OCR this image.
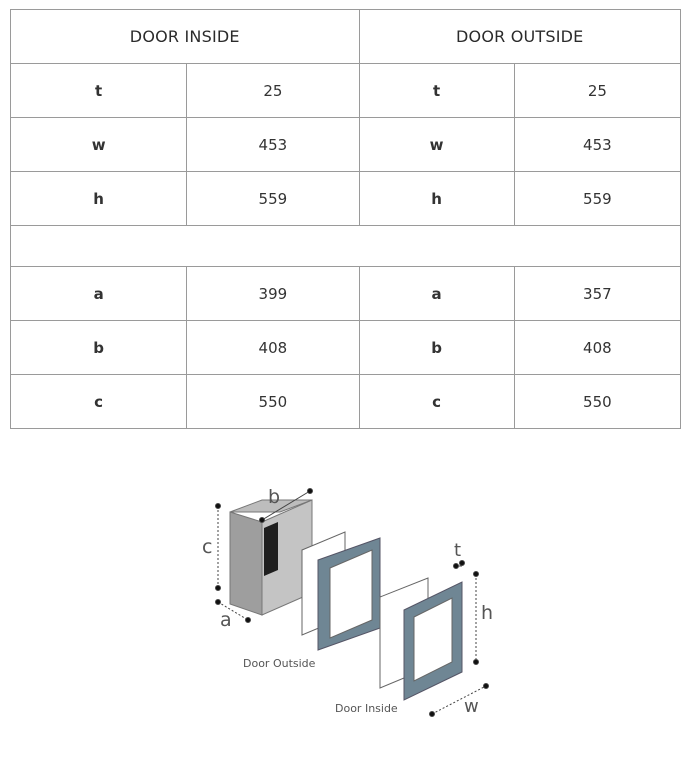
DOOR INSIDE		DOOR OUTSIDE	
t	25	t	25
w	453	w	453
h	559	h	559

a	399	a	357
b	408	b	408
c	550	c	550
b
c
a
t
h
w
Door Outside
Door Inside
